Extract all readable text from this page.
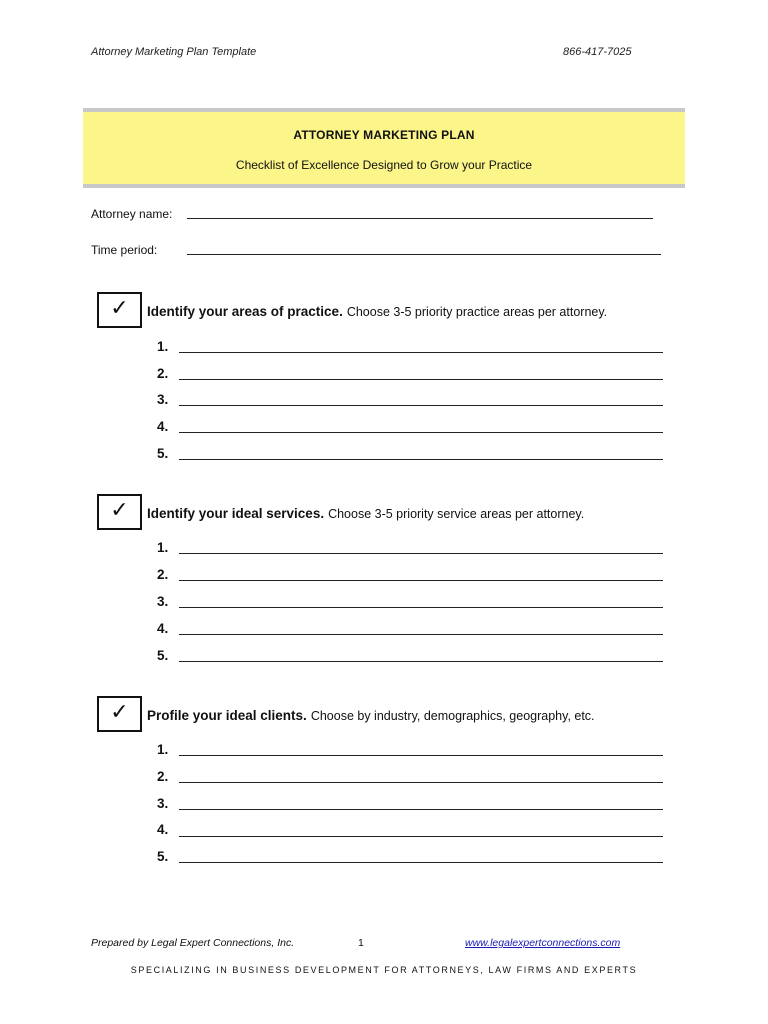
Attorney Marketing Plan Template	866-417-7025
ATTORNEY MARKETING PLAN
Checklist of Excellence Designed to Grow your Practice
Attorney name:
Time period:
✓	Identify your areas of practice. Choose 3-5 priority practice areas per attorney.
1.
2.
3.
4.
5.
✓	Identify your ideal services. Choose 3-5 priority service areas per attorney.
1.
2.
3.
4.
5.
✓	Profile your ideal clients. Choose by industry, demographics, geography, etc.
1.
2.
3.
4.
5.
Prepared by Legal Expert Connections, Inc.	1	www.legalexpertconnections.com
SPECIALIZING IN BUSINESS DEVELOPMENT FOR ATTORNEYS, LAW FIRMS AND EXPERTS
